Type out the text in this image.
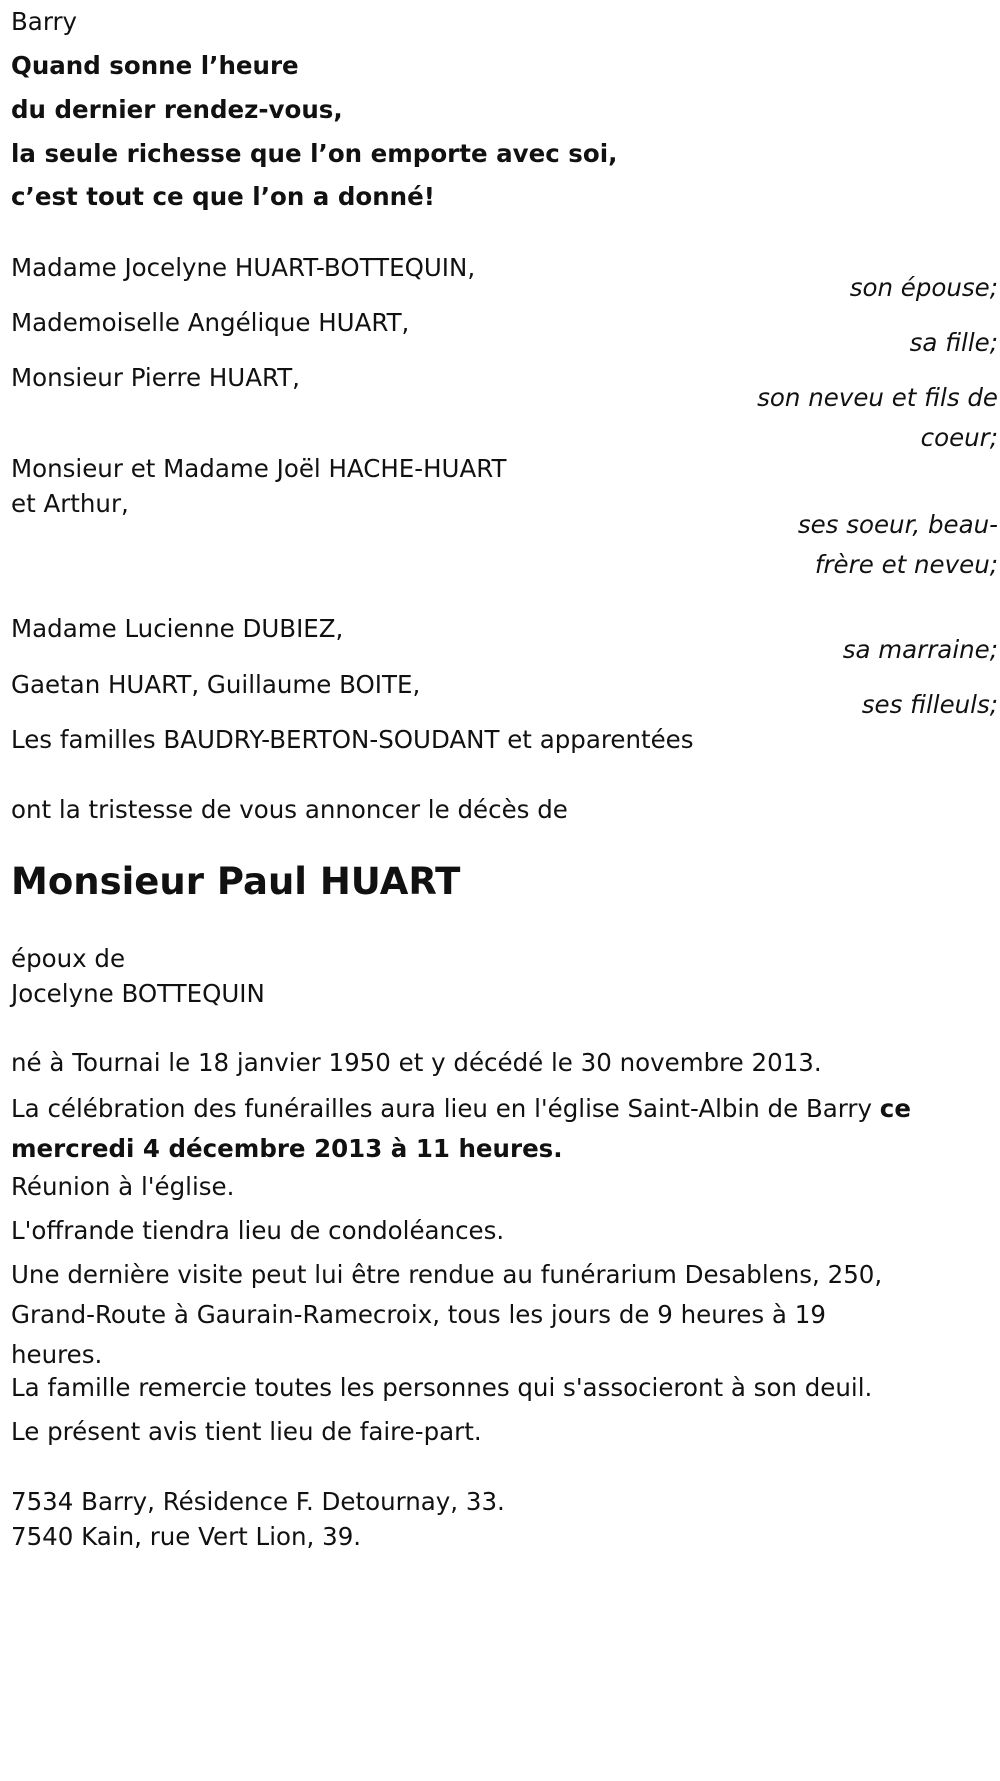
Barry

Quand sonne l’heure

du dernier rendez-vous,

la seule richesse que l’on emporte avec soi,

c’est tout ce que l’on a donné!

Madame Jocelyne HUART-BOTTEQUIN,

son épouse;

Mademoiselle Angélique HUART,

sa fille;

Monsieur Pierre HUART,

son neveu et fils de coeur;

Monsieur et Madame Joël HACHE-HUART

et Arthur,

ses soeur, beau-frère et neveu;

Madame Lucienne DUBIEZ,

sa marraine;

Gaetan HUART, Guillaume BOITE,

ses filleuls;

Les familles BAUDRY-BERTON-SOUDANT et apparentées

ont la tristesse de vous annoncer le décès de

Monsieur Paul HUART

époux de

Jocelyne BOTTEQUIN

né à Tournai le 18 janvier 1950 et y décédé le 30 novembre 2013.

La célébration des funérailles aura lieu en l'église Saint-Albin de Barry ce mercredi 4 décembre 2013 à 11 heures.

Réunion à l'église.

L'offrande tiendra lieu de condoléances.

Une dernière visite peut lui être rendue au funérarium Desablens, 250, Grand-Route à Gaurain-Ramecroix, tous les jours de 9 heures à 19 heures.

La famille remercie toutes les personnes qui s'associeront à son deuil.

Le présent avis tient lieu de faire-part.

7534 Barry, Résidence F. Detournay, 33.

7540 Kain, rue Vert Lion, 39.
